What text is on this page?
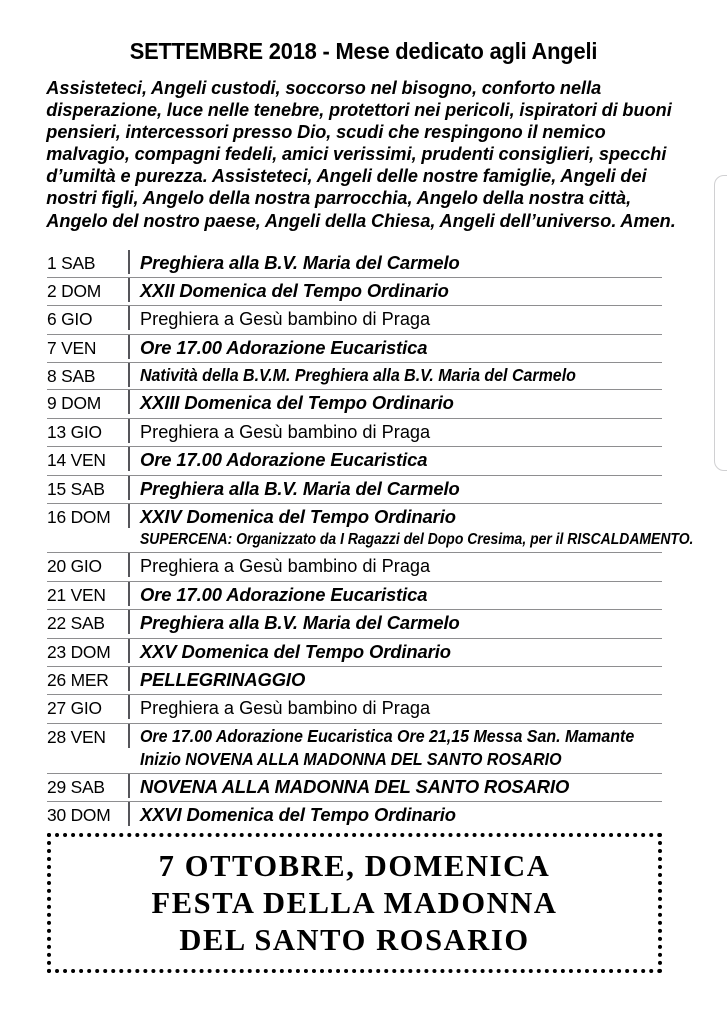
SETTEMBRE 2018 - Mese dedicato agli Angeli

Assisteteci, Angeli custodi, soccorso nel bisogno, conforto nella disperazione, luce nelle tenebre, protettori nei pericoli, ispiratori di buoni pensieri, intercessori presso Dio, scudi che respingono il nemico malvagio, compagni fedeli, amici verissimi, prudenti consiglieri, specchi d’umiltà e purezza. Assisteteci, Angeli delle nostre famiglie, Angeli dei nostri figli, Angelo della nostra parrocchia, Angelo della nostra città, Angelo del nostro paese, Angeli della Chiesa, Angeli dell’universo. Amen.

1 SAB		Preghiera alla B.V. Maria del Carmelo

2 DOM		XXII Domenica del Tempo Ordinario

6 GIO		Preghiera a Gesù bambino di Praga

7 VEN		Ore 17.00 Adorazione Eucaristica

8 SAB		Natività della B.V.M. Preghiera alla B.V. Maria del Carmelo
9 DOM		XXIII Domenica del Tempo Ordinario

13 GIO		Preghiera a Gesù bambino di Praga

14 VEN		Ore 17.00 Adorazione Eucaristica

15 SAB		Preghiera alla B.V. Maria del Carmelo

16 DOM		XXIV Domenica del Tempo Ordinario
SUPERCENA: Organizzato da I Ragazzi del Dopo Cresima, per il RISCALDAMENTO.
20 GIO		Preghiera a Gesù bambino di Praga

21 VEN		Ore 17.00 Adorazione Eucaristica

22 SAB		Preghiera alla B.V. Maria del Carmelo

23 DOM		XXV Domenica del Tempo Ordinario

26 MER		PELLEGRINAGGIO

27 GIO		Preghiera a Gesù bambino di Praga

28 VEN		Ore 17.00 Adorazione Eucaristica Ore 21,15 Messa San. MamanteInizio NOVENA ALLA MADONNA DEL SANTO ROSARIO
29 SAB		NOVENA ALLA MADONNA DEL SANTO ROSARIO

30 DOM		XXVI Domenica del Tempo Ordinario
7 OTTOBRE, DOMENICA
FESTA DELLA MADONNA
DEL SANTO ROSARIO
